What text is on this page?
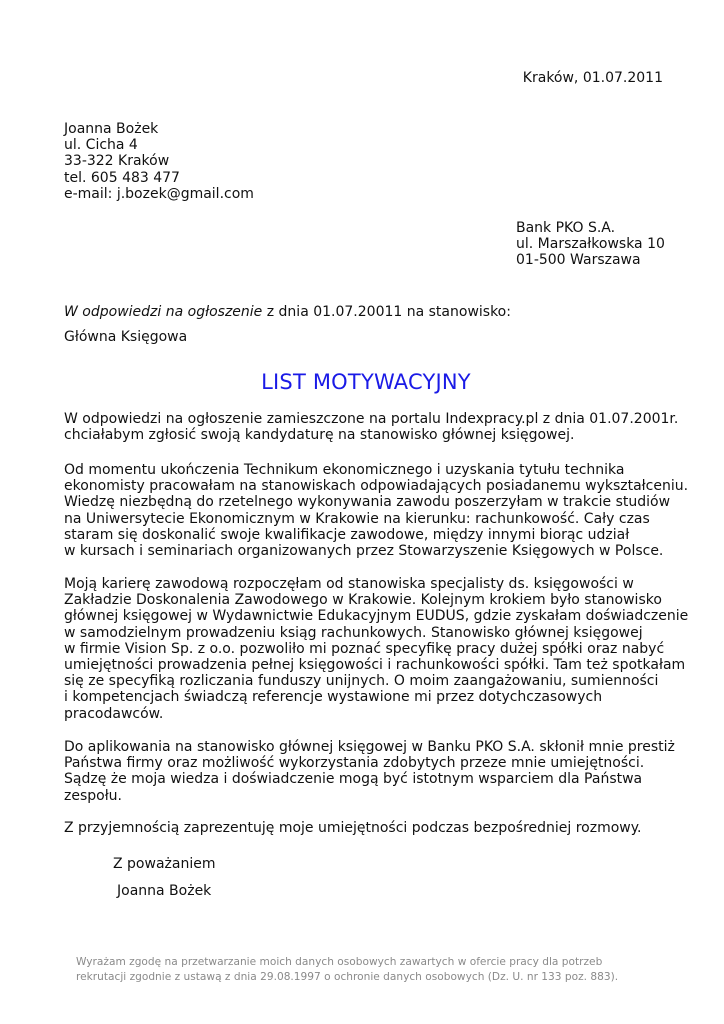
Kraków, 01.07.2011
Joanna Bożek
ul. Cicha 4
33-322 Kraków
tel. 605 483 477
e-mail: j.bozek@gmail.com
Bank PKO S.A.
ul. Marszałkowska 10
01-500 Warszawa
W odpowiedzi na ogłoszenie z dnia 01.07.20011 na stanowisko:
Główna Księgowa
LIST MOTYWACYJNY
W odpowiedzi na ogłoszenie zamieszczone na portalu Indexpracy.pl z dnia 01.07.2001r.
chciałabym zgłosić swoją kandydaturę na stanowisko głównej księgowej.
Od momentu ukończenia Technikum ekonomicznego i uzyskania tytułu technika
ekonomisty pracowałam na stanowiskach odpowiadających posiadanemu wykształceniu.
Wiedzę niezbędną do rzetelnego wykonywania zawodu poszerzyłam w trakcie studiów
na Uniwersytecie Ekonomicznym w Krakowie na kierunku: rachunkowość. Cały czas
staram się doskonalić swoje kwalifikacje zawodowe, między innymi biorąc udział
w kursach i seminariach organizowanych przez Stowarzyszenie Księgowych w Polsce.
Moją karierę zawodową rozpoczęłam od stanowiska specjalisty ds. księgowości w
Zakładzie Doskonalenia Zawodowego w Krakowie. Kolejnym krokiem było stanowisko
głównej księgowej w Wydawnictwie Edukacyjnym EUDUS, gdzie zyskałam doświadczenie
w samodzielnym prowadzeniu ksiąg rachunkowych. Stanowisko głównej księgowej
w firmie Vision Sp. z o.o. pozwoliło mi poznać specyfikę pracy dużej spółki oraz nabyć
umiejętności prowadzenia pełnej księgowości i rachunkowości spółki. Tam też spotkałam
się ze specyfiką rozliczania funduszy unijnych. O moim zaangażowaniu, sumienności
i kompetencjach świadczą referencje wystawione mi przez dotychczasowych
pracodawców.
Do aplikowania na stanowisko głównej księgowej w Banku PKO S.A. skłonił mnie prestiż
Państwa firmy oraz możliwość wykorzystania zdobytych przeze mnie umiejętności.
Sądzę że moja wiedza i doświadczenie mogą być istotnym wsparciem dla Państwa
zespołu.
Z przyjemnością zaprezentuję moje umiejętności podczas bezpośredniej rozmowy.
Z poważaniem
Joanna Bożek
Wyrażam zgodę na przetwarzanie moich danych osobowych zawartych w ofercie pracy dla potrzeb
rekrutacji zgodnie z ustawą z dnia 29.08.1997 o ochronie danych osobowych (Dz. U. nr 133 poz. 883).
